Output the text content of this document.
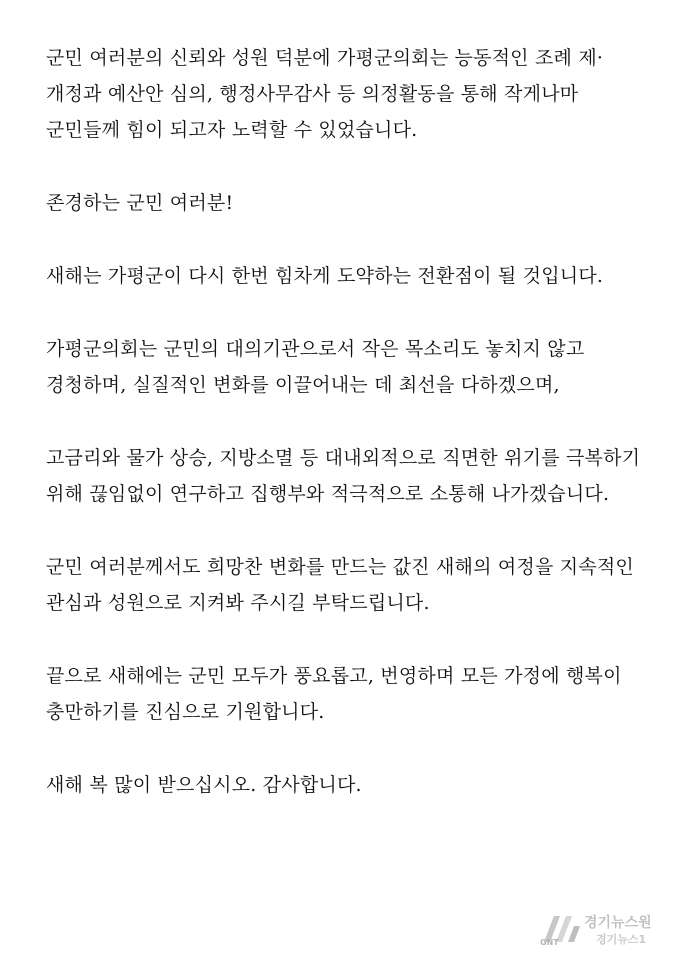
군민 여러분의 신뢰와 성원 덕분에 가평군의회는 능동적인 조례 제·
개정과 예산안 심의, 행정사무감사 등 의정활동을 통해 작게나마
군민들께 힘이 되고자 노력할 수 있었습니다.

존경하는 군민 여러분!

새해는 가평군이 다시 한번 힘차게 도약하는 전환점이 될 것입니다.

가평군의회는 군민의 대의기관으로서 작은 목소리도 놓치지 않고
경청하며, 실질적인 변화를 이끌어내는 데 최선을 다하겠으며,

고금리와 물가 상승, 지방소멸 등 대내외적으로 직면한 위기를 극복하기
위해 끊임없이 연구하고 집행부와 적극적으로 소통해 나가겠습니다.

군민 여러분께서도 희망찬 변화를 만드는 값진 새해의 여정을 지속적인
관심과 성원으로 지켜봐 주시길 부탁드립니다.

끝으로 새해에는 군민 모두가 풍요롭고, 번영하며 모든 가정에 행복이
충만하기를 진심으로 기원합니다.

새해 복 많이 받으십시오. 감사합니다.

GNT
경기뉴스원
경기뉴스1
